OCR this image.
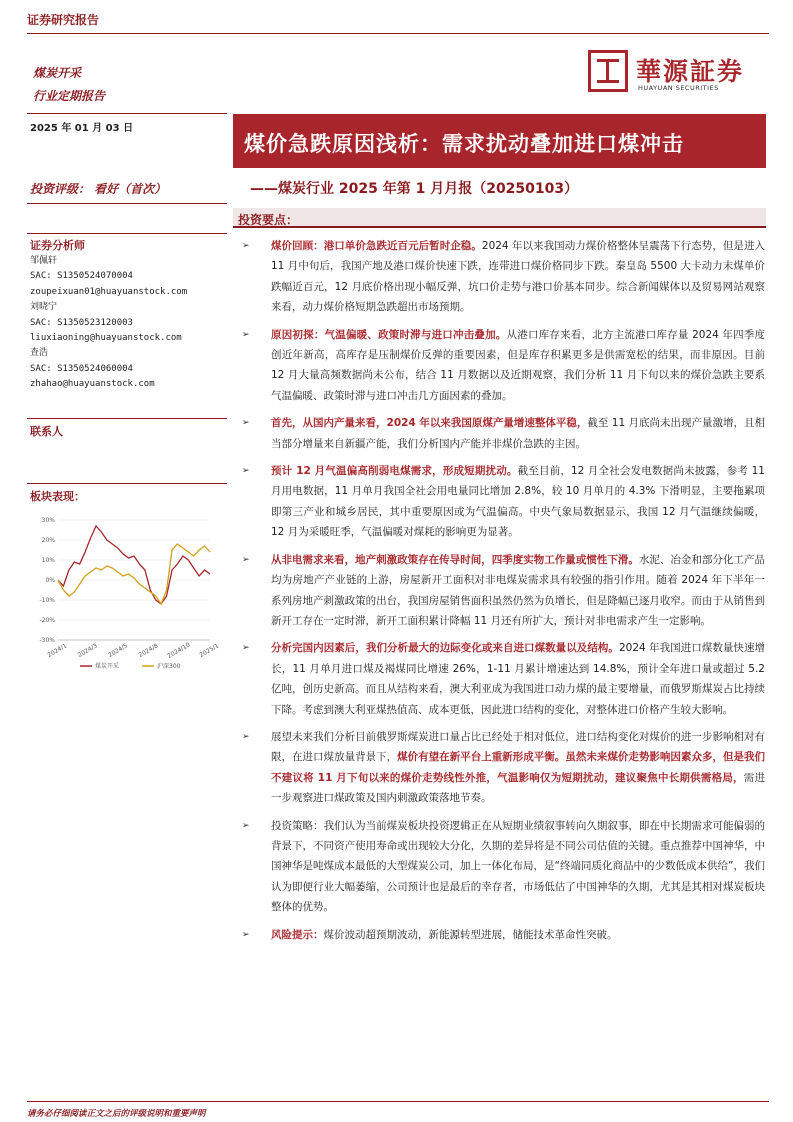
证券研究报告
煤炭开采
行业定期报告
華源証券
HUAYUAN SECURITIES
2025 年 01 月 03 日
煤价急跌原因浅析：需求扰动叠加进口煤冲击
——煤炭行业 2025 年第 1 月月报（20250103）
投资评级： 看好（首次）
投资要点：
证券分析师
邹佩轩
SAC: S1350524070004
zoupeixuan01@huayuanstock.com
刘晓宁
SAC: S1350523120003
liuxiaoning@huayuanstock.com
查浩
SAC: S1350524060004
zhahao@huayuanstock.com
联系人
板块表现：
30%
20%
10%
0%
-10%
-20%
-30%
2024/1 2024/3 2024/5 2024/8 2024/10 2025/1
煤炭开采	沪深300
➢ 煤价回顾：港口单价急跌近百元后暂时企稳。2024 年以来我国动力煤价格整体呈震荡下行态势，但是进入 11 月中旬后，我国产地及港口煤价快速下跌，连带进口煤价格同步下跌。秦皇岛 5500 大卡动力末煤单价跌幅近百元，12 月底价格出现小幅反弹，坑口价走势与港口价基本同步。综合新闻媒体以及贸易网站观察来看，动力煤价格短期急跌超出市场预期。
➢ 原因初探：气温偏暖、政策时滞与进口冲击叠加。从港口库存来看，北方主流港口库存量 2024 年四季度创近年新高，高库存是压制煤价反弹的重要因素，但是库存积累更多是供需宽松的结果，而非原因。目前 12 月大量高频数据尚未公布，结合 11 月数据以及近期观察，我们分析 11 月下旬以来的煤价急跌主要系气温偏暖、政策时滞与进口冲击几方面因素的叠加。
➢ 首先，从国内产量来看，2024 年以来我国原煤产量增速整体平稳，截至 11 月底尚未出现产量激增，且相当部分增量来自新疆产能，我们分析国内产能并非煤价急跌的主因。
➢ 预计 12 月气温偏高削弱电煤需求，形成短期扰动。截至目前，12 月全社会发电数据尚未披露，参考 11 月用电数据，11 月单月我国全社会用电量同比增加 2.8%，较 10 月单月的 4.3% 下滑明显，主要拖累项即第三产业和城乡居民，其中重要原因或为气温偏高。中央气象局数据显示，我国 12 月气温继续偏暖，12 月为采暖旺季，气温偏暖对煤耗的影响更为显著。
➢ 从非电需求来看，地产刺激政策存在传导时间，四季度实物工作量或惯性下滑。水泥、冶金和部分化工产品均为房地产产业链的上游，房屋新开工面积对非电煤炭需求具有较强的指引作用。随着 2024 年下半年一系列房地产刺激政策的出台，我国房屋销售面积虽然仍然为负增长，但是降幅已逐月收窄。而由于从销售到新开工存在一定时滞，新开工面积累计降幅 11 月还有所扩大，预计对非电需求产生一定影响。
➢ 分析完国内因素后，我们分析最大的边际变化或来自进口煤数量以及结构。2024 年我国进口煤数量快速增长，11 月单月进口煤及褐煤同比增速 26%，1-11 月累计增速达到 14.8%，预计全年进口量或超过 5.2 亿吨，创历史新高。而且从结构来看，澳大利亚成为我国进口动力煤的最主要增量，而俄罗斯煤炭占比持续下降。考虑到澳大利亚煤热值高、成本更低，因此进口结构的变化，对整体进口价格产生较大影响。
➢ 展望未来我们分析目前俄罗斯煤炭进口量占比已经处于相对低位，进口结构变化对煤价的进一步影响相对有限，在进口煤放量背景下，煤价有望在新平台上重新形成平衡。虽然未来煤价走势影响因素众多，但是我们不建议将 11 月下旬以来的煤价走势线性外推，气温影响仅为短期扰动，建议聚焦中长期供需格局，需进一步观察进口煤政策及国内刺激政策落地节奏。
➢ 投资策略：我们认为当前煤炭板块投资逻辑正在从短期业绩叙事转向久期叙事，即在中长期需求可能偏弱的背景下，不同资产使用寿命或出现较大分化，久期的差异将是不同公司估值的关键。重点推荐中国神华，中国神华是吨煤成本最低的大型煤炭公司，加上一体化布局，是“终端同质化商品中的少数低成本供给”，我们认为即便行业大幅萎缩，公司预计也是最后的幸存者，市场低估了中国神华的久期，尤其是其相对煤炭板块整体的优势。
➢ 风险提示：煤价波动超预期波动，新能源转型进展，储能技术革命性突破。
请务必仔细阅读正文之后的评级说明和重要声明
